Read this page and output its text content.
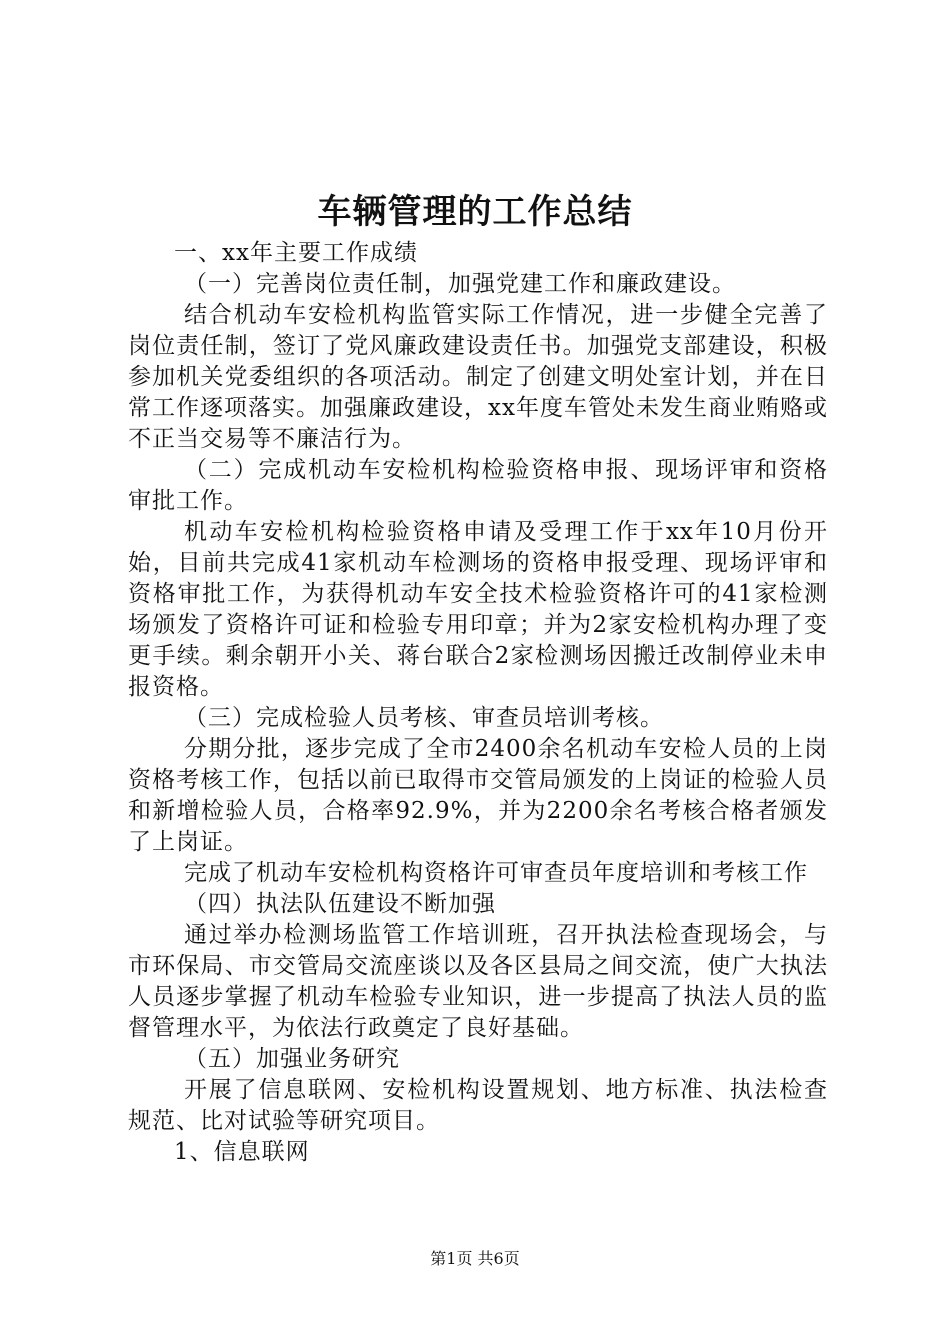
车辆管理的工作总结

一、xx年主要工作成绩

（一）完善岗位责任制，加强党建工作和廉政建设。

结合机动车安检机构监管实际工作情况，进一步健全完善了岗位责任制，签订了党风廉政建设责任书。加强党支部建设，积极参加机关党委组织的各项活动。制定了创建文明处室计划，并在日常工作逐项落实。加强廉政建设，xx年度车管处未发生商业贿赂或不正当交易等不廉洁行为。

（二）完成机动车安检机构检验资格申报、现场评审和资格审批工作。

机动车安检机构检验资格申请及受理工作于xx年10月份开始，目前共完成41家机动车检测场的资格申报受理、现场评审和资格审批工作，为获得机动车安全技术检验资格许可的41家检测场颁发了资格许可证和检验专用印章；并为2家安检机构办理了变更手续。剩余朝开小关、蒋台联合2家检测场因搬迁改制停业未申报资格。

（三）完成检验人员考核、审查员培训考核。

分期分批，逐步完成了全市2400余名机动车安检人员的上岗资格考核工作，包括以前已取得市交管局颁发的上岗证的检验人员和新增检验人员，合格率92.9%，并为2200余名考核合格者颁发了上岗证。

完成了机动车安检机构资格许可审查员年度培训和考核工作

（四）执法队伍建设不断加强

通过举办检测场监管工作培训班，召开执法检查现场会，与市环保局、市交管局交流座谈以及各区县局之间交流，使广大执法人员逐步掌握了机动车检验专业知识，进一步提高了执法人员的监督管理水平，为依法行政奠定了良好基础。

（五）加强业务研究

开展了信息联网、安检机构设置规划、地方标准、执法检查规范、比对试验等研究项目。

1、信息联网

第1页 共6页
